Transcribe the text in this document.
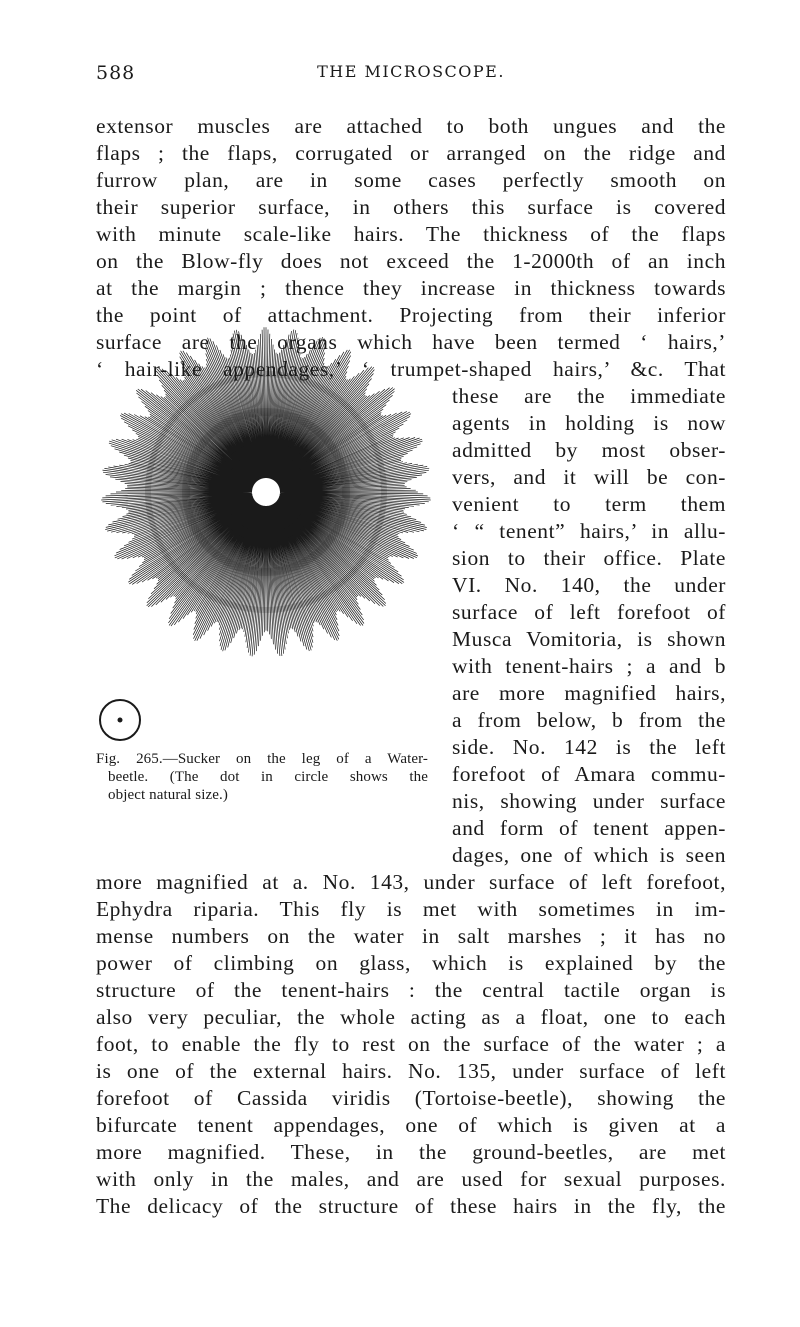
588	THE MICROSCOPE.
extensor muscles are attached to both ungues and the
flaps ; the flaps, corrugated or arranged on the ridge and
furrow plan, are in some cases perfectly smooth on
their superior surface, in others this surface is covered
with minute scale-like hairs. The thickness of the flaps
on the Blow-fly does not exceed the 1-2000th of an inch
at the margin ; thence they increase in thickness towards
the point of attachment. Projecting from their inferior
surface are the organs which have been termed ‘ hairs,’
‘ hair-like appendages,’ ‘ trumpet-shaped hairs,’ &c. That
these are the immediate
agents in holding is now
admitted by most obser-
vers, and it will be con-
venient to term them
‘ “ tenent” hairs,’ in allu-
sion to their office. Plate
VI. No. 140, the under
surface of left forefoot of
Musca Vomitoria, is shown
with tenent-hairs ; a and b
are more magnified hairs,
a from below, b from the
side. No. 142 is the left
forefoot of Amara commu-
nis, showing under surface
and form of tenent appen-
dages, one of which is seen
Fig. 265.—Sucker on the leg of a Water-
beetle. (The dot in circle shows the
object natural size.)
more magnified at a. No. 143, under surface of left forefoot,
Ephydra riparia. This fly is met with sometimes in im-
mense numbers on the water in salt marshes ; it has no
power of climbing on glass, which is explained by the
structure of the tenent-hairs : the central tactile organ is
also very peculiar, the whole acting as a float, one to each
foot, to enable the fly to rest on the surface of the water ; a
is one of the external hairs. No. 135, under surface of left
forefoot of Cassida viridis (Tortoise-beetle), showing the
bifurcate tenent appendages, one of which is given at a
more magnified. These, in the ground-beetles, are met
with only in the males, and are used for sexual purposes.
The delicacy of the structure of these hairs in the fly, the
